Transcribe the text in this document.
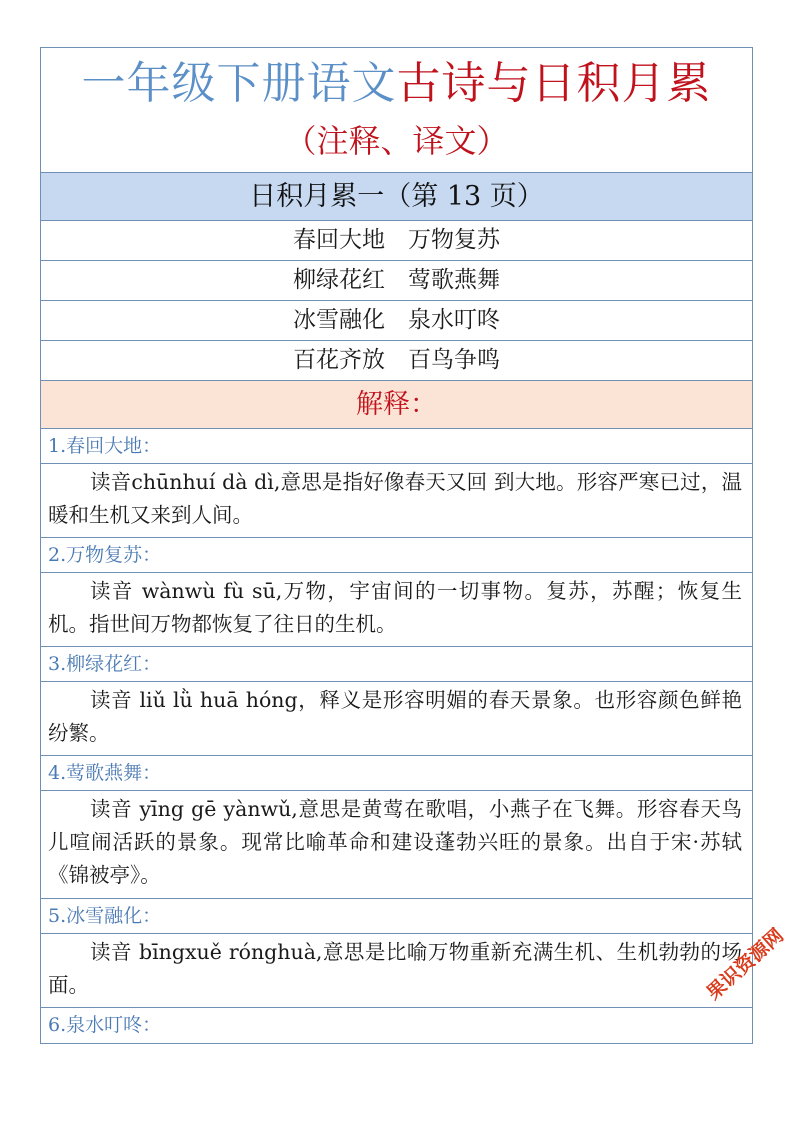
一年级下册语文古诗与日积月累
（注释、译文）
日积月累一（第 13 页）
春回大地　万物复苏
柳绿花红　莺歌燕舞
冰雪融化　泉水叮咚
百花齐放　百鸟争鸣
解释：
1.春回大地：
读音chūnhuí dà dì,意思是指好像春天又回 到大地。形容严寒已过，温暖和生机又来到人间。
2.万物复苏：
读音 wànwù fù sū,万物，宇宙间的一切事物。复苏，苏醒；恢复生机。指世间万物都恢复了往日的生机。
3.柳绿花红：
读音 liǔ lǜ huā hóng，释义是形容明媚的春天景象。也形容颜色鲜艳纷繁。
4.莺歌燕舞：
读音 yīng gē yànwǔ,意思是黄莺在歌唱，小燕子在飞舞。形容春天鸟儿喧闹活跃的景象。现常比喻革命和建设蓬勃兴旺的景象。出自于宋·苏轼《锦被亭》。
5.冰雪融化：
读音 bīngxuě rónghuà,意思是比喻万物重新充满生机、生机勃勃的场面。
6.泉水叮咚：
果识资源网
